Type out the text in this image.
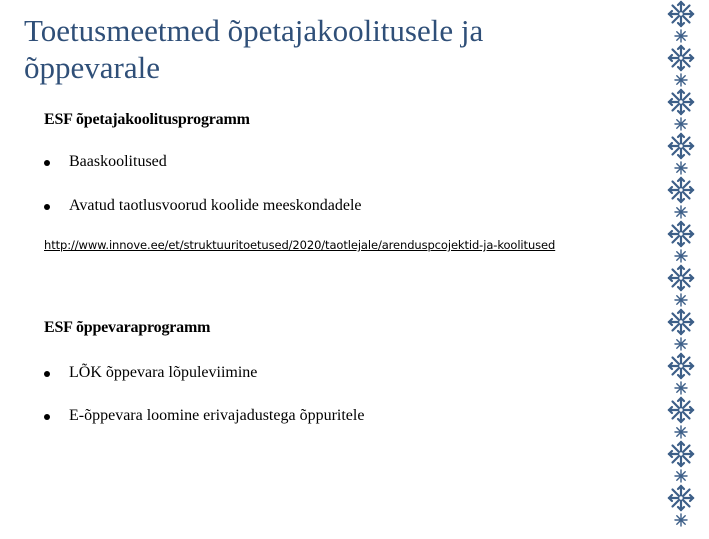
Toetusmeetmed õpetajakoolitusele ja õppevarale
ESF õpetajakoolitusprogramm
Baaskoolitused
Avatud taotlusvoorud koolide meeskondadele
http://www.innove.ee/et/struktuuritoetused/2020/taotlejale/arenduspcojektid-ja-koolitused
ESF õppevaraprogramm
LÕK õppevara lõpuleviimine
E-õppevara loomine erivajadustega õppuritele
